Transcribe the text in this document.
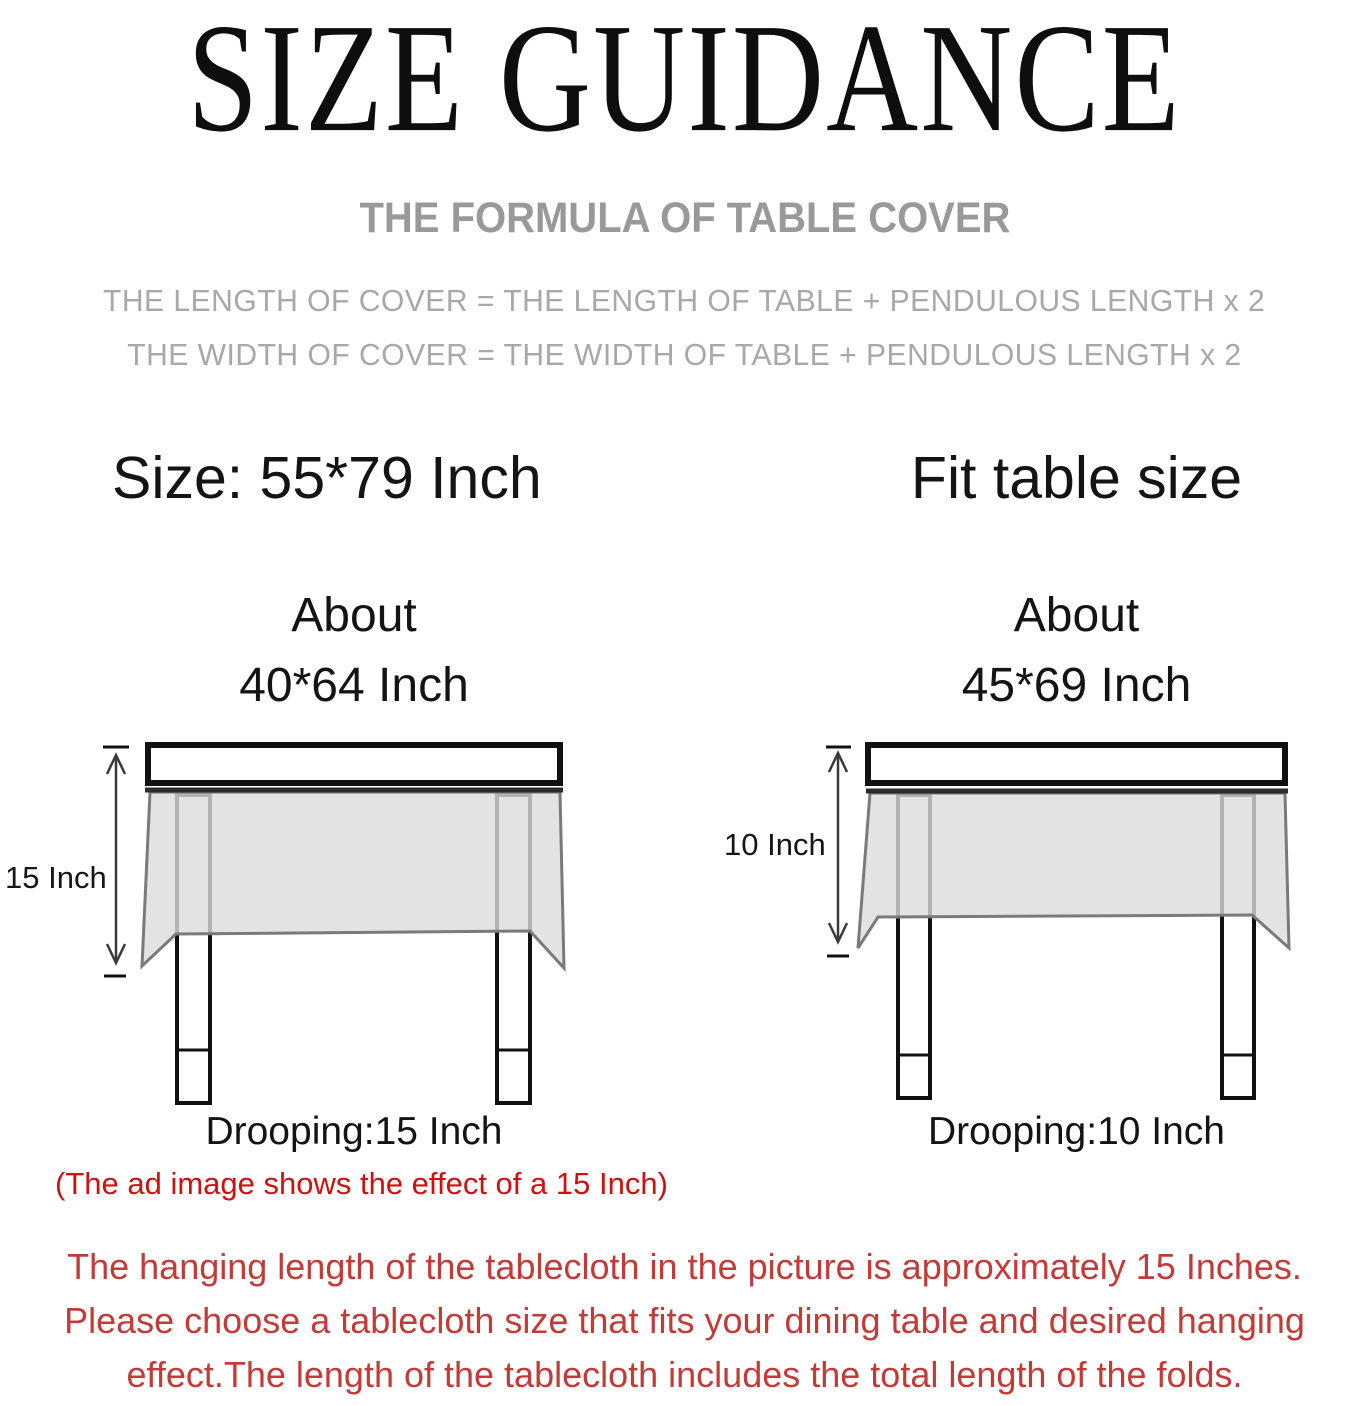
SIZE GUIDANCE
THE FORMULA OF TABLE COVER
THE LENGTH OF COVER = THE LENGTH OF TABLE + PENDULOUS LENGTH x 2
THE WIDTH OF COVER = THE WIDTH OF TABLE + PENDULOUS LENGTH x 2
Size: 55*79 Inch	Fit table size
About
40*64 Inch
About
45*69 Inch
15 Inch
10 Inch
Drooping:15 Inch	Drooping:10 Inch
(The ad image shows the effect of a 15 Inch)
The hanging length of the tablecloth in the picture is approximately 15 Inches.
Please choose a tablecloth size that fits your dining table and desired hanging
effect.The length of the tablecloth includes the total length of the folds.
